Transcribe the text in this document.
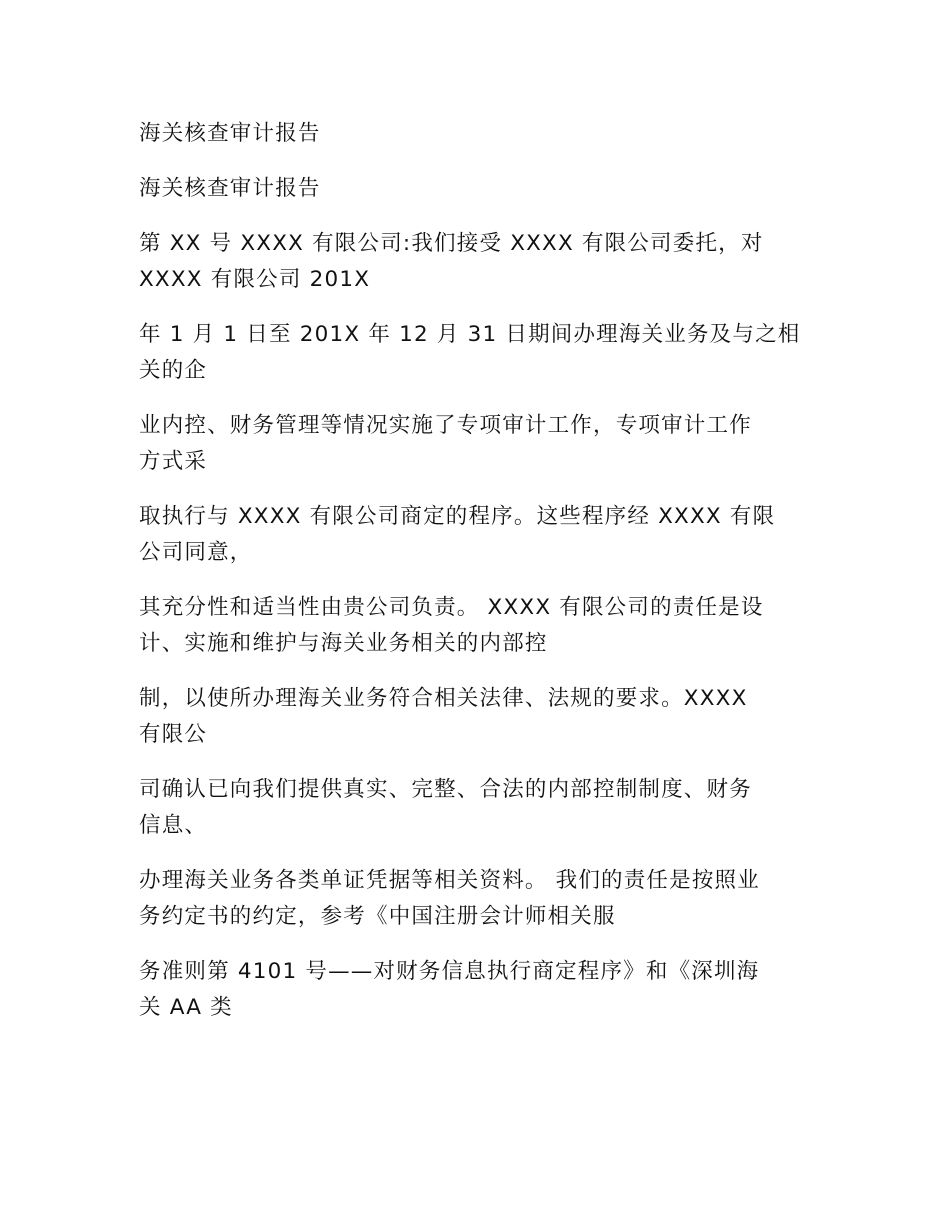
海关核查审计报告

海关核查审计报告

第 XX 号 XXXX 有限公司:我们接受 XXXX 有限公司委托，对
XXXX 有限公司 201X

年 1 月 1 日至 201X 年 12 月 31 日期间办理海关业务及与之相
关的企

业内控、财务管理等情况实施了专项审计工作，专项审计工作
方式采

取执行与 XXXX 有限公司商定的程序。这些程序经 XXXX 有限
公司同意，

其充分性和适当性由贵公司负责。 XXXX 有限公司的责任是设
计、实施和维护与海关业务相关的内部控

制，以使所办理海关业务符合相关法律、法规的要求。XXXX
有限公

司确认已向我们提供真实、完整、合法的内部控制制度、财务
信息、

办理海关业务各类单证凭据等相关资料。 我们的责任是按照业
务约定书的约定，参考《中国注册会计师相关服

务准则第 4101 号——对财务信息执行商定程序》和《深圳海
关 AA 类
